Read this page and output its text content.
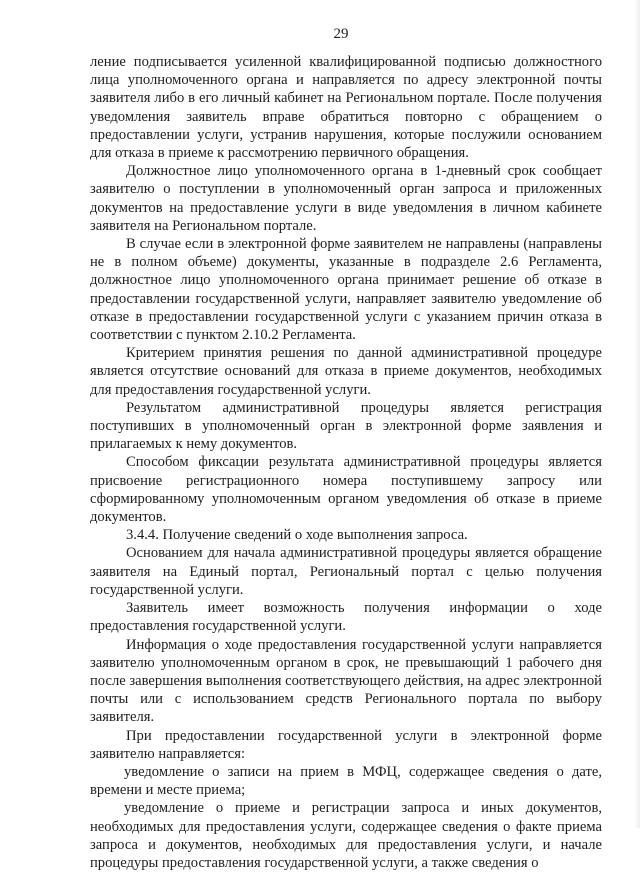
29

ление подписывается усиленной квалифицированной подписью должностного лица уполномоченного органа и направляется по адресу электронной почты заявителя либо в его личный кабинет на Региональном портале. После получения уведомления заявитель вправе обратиться повторно с обращением о предоставлении услуги, устранив нарушения, которые послужили основанием для отказа в приеме к рассмотрению первичного обращения.

Должностное лицо уполномоченного органа в 1-дневный срок сообщает заявителю о поступлении в уполномоченный орган запроса и приложенных документов на предоставление услуги в виде уведомления в личном кабинете заявителя на Региональном портале.

В случае если в электронной форме заявителем не направлены (направлены не в полном объеме) документы, указанные в подразделе 2.6 Регламента, должностное лицо уполномоченного органа принимает решение об отказе в предоставлении государственной услуги, направляет заявителю уведомление об отказе в предоставлении государственной услуги с указанием причин отказа в соответствии с пунктом 2.10.2 Регламента.

Критерием принятия решения по данной административной процедуре является отсутствие оснований для отказа в приеме документов, необходимых для предоставления государственной услуги.

Результатом административной процедуры является регистрация поступивших в уполномоченный орган в электронной форме заявления и прилагаемых к нему документов.

Способом фиксации результата административной процедуры является присвоение регистрационного номера поступившему запросу или сформированному уполномоченным органом уведомления об отказе в приеме документов.

3.4.4. Получение сведений о ходе выполнения запроса.

Основанием для начала административной процедуры является обращение заявителя на Единый портал, Региональный портал с целью получения государственной услуги.

Заявитель имеет возможность получения информации о ходе предоставления государственной услуги.

Информация о ходе предоставления государственной услуги направляется заявителю уполномоченным органом в срок, не превышающий 1 рабочего дня после завершения выполнения соответствующего действия, на адрес электронной почты или с использованием средств Регионального портала по выбору заявителя.

При предоставлении государственной услуги в электронной форме заявителю направляется:

уведомление о записи на прием в МФЦ, содержащее сведения о дате, времени и месте приема;

уведомление о приеме и регистрации запроса и иных документов, необходимых для предоставления услуги, содержащее сведения о факте приема запроса и документов, необходимых для предоставления услуги, и начале процедуры предоставления государственной услуги, а также сведения о
